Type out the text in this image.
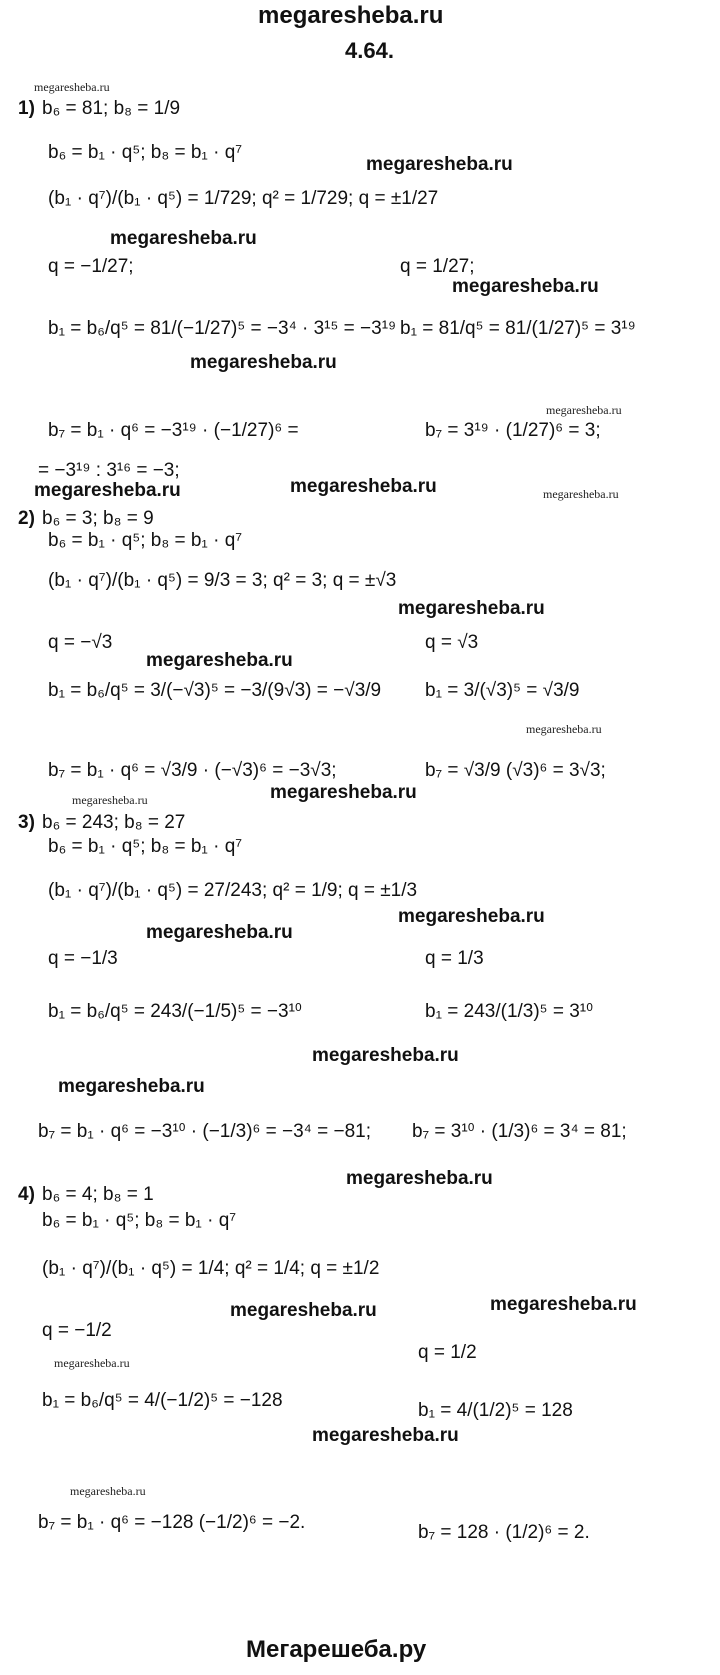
megaresheba.ru
4.64.
1) b₆ = 81; b₈ = 1/9
b₆ = b₁ · q⁵; b₈ = b₁ · q⁷
(b₁ · q⁷)/(b₁ · q⁵) = 1/729; q² = 1/729; q = ±1/27
q = −1/27;	q = 1/27;
b₁ = b₆/q⁵ = 81/(−1/27)⁵ = −3⁴ · 3¹⁵ = −3¹⁹ b₁ = 81/q⁵ = 81/(1/27)⁵ = 3¹⁹
b₇ = b₁ · q⁶ = −3¹⁹ · (−1/27)⁶ =
= −3¹⁹ : 3¹⁶ = −3;
b₇ = 3¹⁹ · (1/27)⁶ = 3;
2) b₆ = 3; b₈ = 9
b₆ = b₁ · q⁵; b₈ = b₁ · q⁷
(b₁ · q⁷)/(b₁ · q⁵) = 9/3 = 3; q² = 3; q = ±√3
q = −√3	q = √3
b₁ = b₆/q⁵ = 3/(−√3)⁵ = −3/(9√3) = −√3/9 b₁ = 3/(√3)⁵ = √3/9
b₇ = b₁ · q⁶ = √3/9 · (−√3)⁶ = −3√3;	b₇ = √3/9 (√3)⁶ = 3√3;
3) b₆ = 243; b₈ = 27
b₆ = b₁ · q⁵; b₈ = b₁ · q⁷
(b₁ · q⁷)/(b₁ · q⁵) = 27/243; q² = 1/9; q = ±1/3
q = −1/3	q = 1/3
b₁ = b₆/q⁵ = 243/(−1/5)⁵ = −3¹⁰	b₁ = 243/(1/3)⁵ = 3¹⁰
b₇ = b₁ · q⁶ = −3¹⁰ · (−1/3)⁶ = −3⁴ = −81; b₇ = 3¹⁰ · (1/3)⁶ = 3⁴ = 81;
4) b₆ = 4; b₈ = 1
b₆ = b₁ · q⁵; b₈ = b₁ · q⁷
(b₁ · q⁷)/(b₁ · q⁵) = 1/4; q² = 1/4; q = ±1/2
q = −1/2
q = 1/2
b₁ = b₆/q⁵ = 4/(−1/2)⁵ = −128	b₁ = 4/(1/2)⁵ = 128
b₇ = b₁ · q⁶ = −128 (−1/2)⁶ = −2.	b₇ = 128 · (1/2)⁶ = 2.
megaresheba.ru
megaresheba.ru
megaresheba.ru
megaresheba.ru
megaresheba.ru	megaresheba.ru
megaresheba.ru
megaresheba.ru
megaresheba.ru
megaresheba.ru
megaresheba.ru
megaresheba.ru
megaresheba.ru
megaresheba.ru
megaresheba.ru	megaresheba.ru
megaresheba.ru
megaresheba.ru
megaresheba.ru
megaresheba.ru
megaresheba.ru
megaresheba.ru
megaresheba.ru
megaresheba.ru
Мегарешеба.ру
